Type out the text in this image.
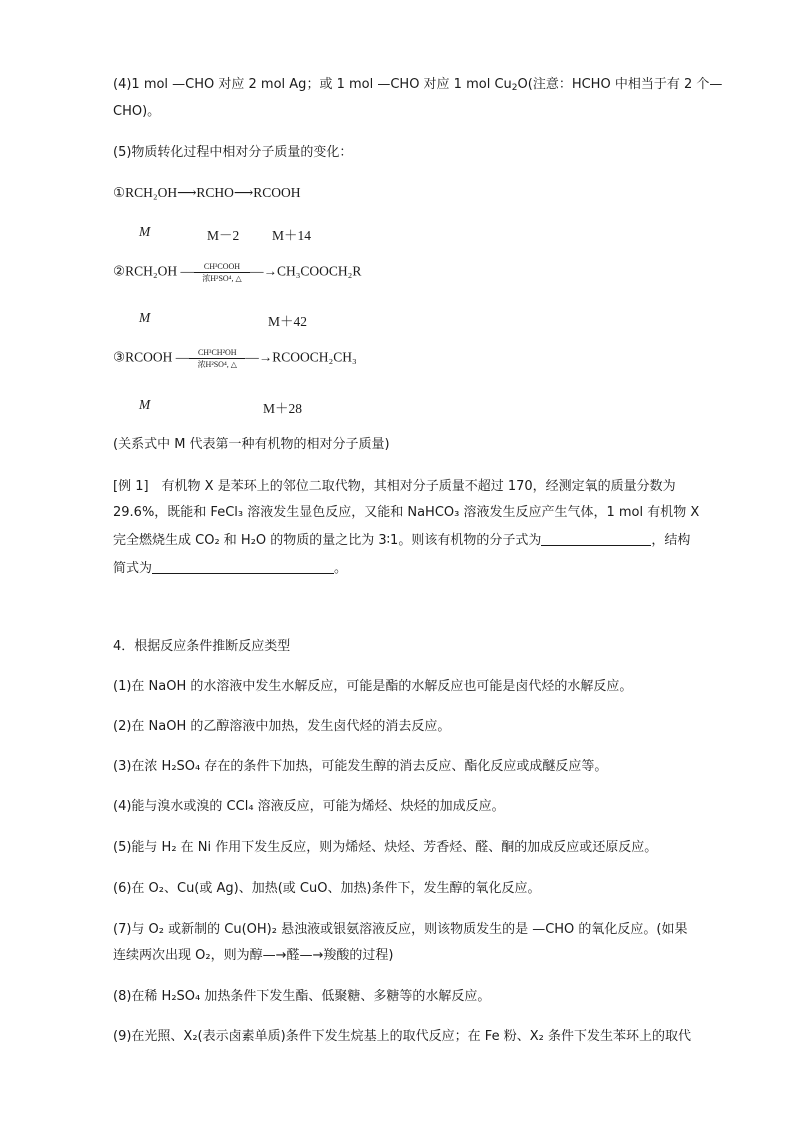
(4)1 mol —CHO 对应 2 mol Ag；或 1 mol —CHO 对应 1 mol $Cu_2O$(注意：HCHO 中相当于有 2 个—
CHO)。
(5)物质转化过程中相对分子质量的变化：
①RCH₂OH⟶RCHO⟶RCOOH
M	M－2 M＋14
②RCH₂OH —	CH³COOH
浓H²SO⁴, △ —→CH₃COOCH₂R
M	M＋42
③RCOOH —	CH³CH²OH
浓H²SO⁴, △ —→RCOOCH₂CH₃
M	M＋28
(关系式中 M 代表第一种有机物的相对分子质量)
[例 1]　有机物 X 是苯环上的邻位二取代物，其相对分子质量不超过 170，经测定氧的质量分数为
29.6%，既能和 FeCl₃ 溶液发生显色反应，又能和 NaHCO₃ 溶液发生反应产生气体，1 mol 有机物 X
完全燃烧生成 CO₂ 和 H₂O 的物质的量之比为 3∶1。则该有机物的分子式为	，结构
简式为	。
4．根据反应条件推断反应类型
(1)在 NaOH 的水溶液中发生水解反应，可能是酯的水解反应也可能是卤代烃的水解反应。
(2)在 NaOH 的乙醇溶液中加热，发生卤代烃的消去反应。
(3)在浓 H₂SO₄ 存在的条件下加热，可能发生醇的消去反应、酯化反应或成醚反应等。
(4)能与溴水或溴的 CCl₄ 溶液反应，可能为烯烃、炔烃的加成反应。
(5)能与 H₂ 在 Ni 作用下发生反应，则为烯烃、炔烃、芳香烃、醛、酮的加成反应或还原反应。
(6)在 O₂、Cu(或 Ag)、加热(或 CuO、加热)条件下，发生醇的氧化反应。
(7)与 O₂ 或新制的 Cu(OH)₂ 悬浊液或银氨溶液反应，则该物质发生的是 —CHO 的氧化反应。(如果
连续两次出现 O₂，则为醇—→醛—→羧酸的过程)
(8)在稀 H₂SO₄ 加热条件下发生酯、低聚糖、多糖等的水解反应。
(9)在光照、X₂(表示卤素单质)条件下发生烷基上的取代反应；在 Fe 粉、X₂ 条件下发生苯环上的取代
